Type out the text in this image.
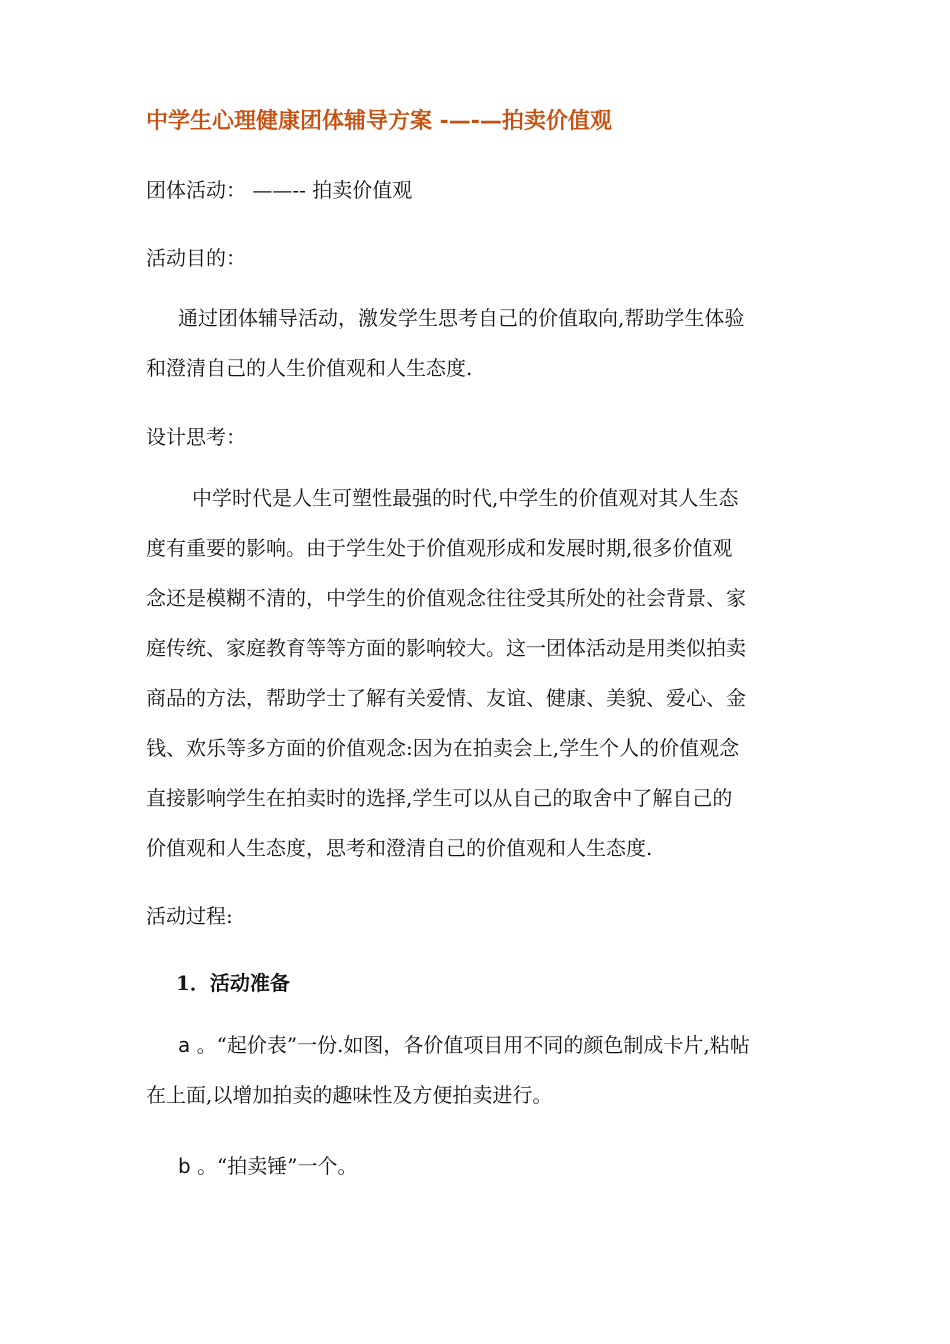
中学生心理健康团体辅导方案 -—-—拍卖价值观
团体活动： ——-- 拍卖价值观
活动目的：
通过团体辅导活动，激发学生思考自己的价值取向,帮助学生体验
和澄清自己的人生价值观和人生态度.
设计思考：
中学时代是人生可塑性最强的时代,中学生的价值观对其人生态
度有重要的影响。由于学生处于价值观形成和发展时期,很多价值观
念还是模糊不清的，中学生的价值观念往往受其所处的社会背景、家
庭传统、家庭教育等等方面的影响较大。这一团体活动是用类似拍卖
商品的方法，帮助学士了解有关爱情、友谊、健康、美貌、爱心、金
钱、欢乐等多方面的价值观念:因为在拍卖会上,学生个人的价值观念
直接影响学生在拍卖时的选择,学生可以从自己的取舍中了解自己的
价值观和人生态度，思考和澄清自己的价值观和人生态度.
活动过程:
1．活动准备
a 。“起价表”一份.如图，各价值项目用不同的颜色制成卡片,粘帖
在上面,以增加拍卖的趣味性及方便拍卖进行。
b 。“拍卖锤”一个。
